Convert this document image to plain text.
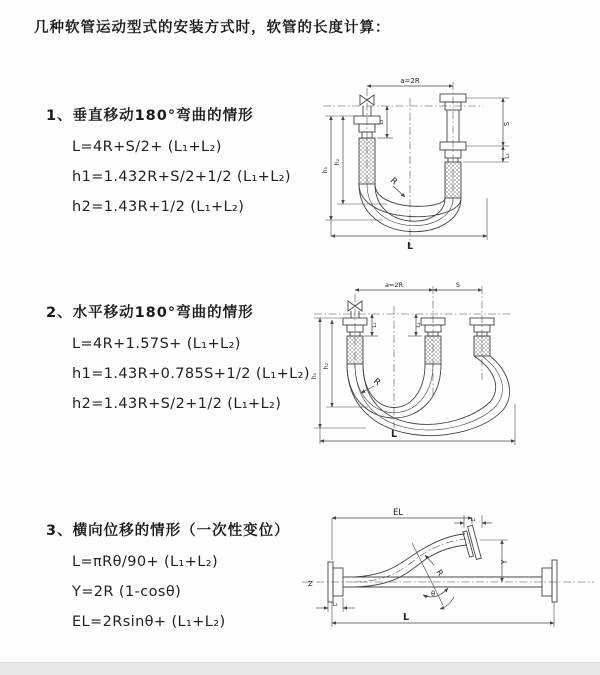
几种软管运动型式的安装方式时，软管的长度计算：
1、垂直移动180°弯曲的情形
L=4R+S/2+ (L₁+L₂)
h1=1.432R+S/2+1/2 (L₁+L₂)
h2=1.43R+1/2 (L₁+L₂)
2、水平移动180°弯曲的情形
L=4R+1.57S+ (L₁+L₂)
h1=1.43R+0.785S+1/2 (L₁+L₂)
h2=1.43R+S/2+1/2 (L₁+L₂)
3、横向位移的情形（一次性变位）
L=πRθ/90+ (L₁+L₂)
Y=2R (1-cosθ)
EL=2Rsinθ+ (L₁+L₂)
a=2R
S
L₂
L₁
h₁
h₂
R
L
a=2R	S
h₁
h₂
L₁	L₂
R
L
EL
L₁
Y
R
θ
L
Z
L₂
